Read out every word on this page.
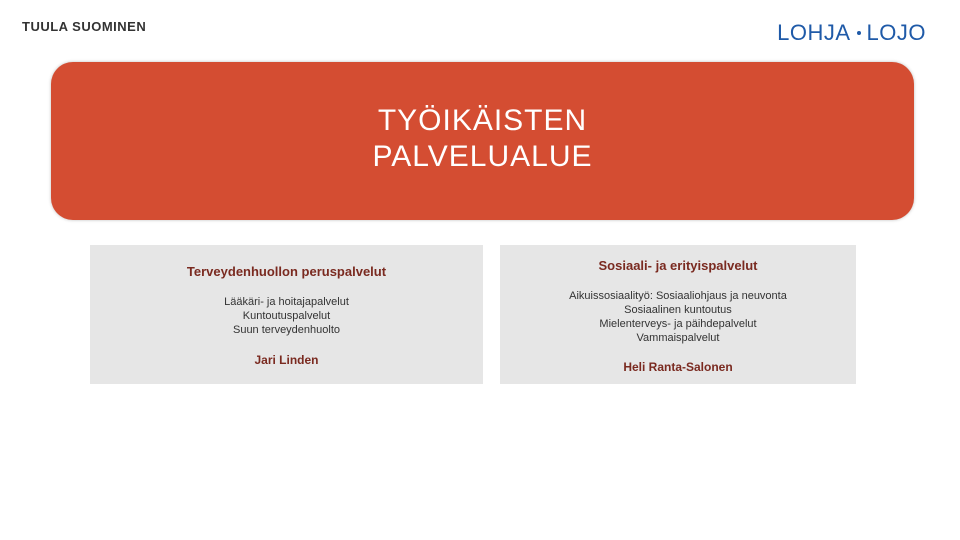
TUULA SUOMINEN	LOHJA LOJO
TYÖIKÄISTEN
PALVELUALUE
Terveydenhuollon peruspalvelut
Lääkäri- ja hoitajapalvelut
Kuntoutuspalvelut
Suun terveydenhuolto
Jari Linden
Sosiaali- ja erityispalvelut
Aikuissosiaalityö: Sosiaaliohjaus ja neuvonta
Sosiaalinen kuntoutus
Mielenterveys- ja päihdepalvelut
Vammaispalvelut
Heli Ranta-Salonen
